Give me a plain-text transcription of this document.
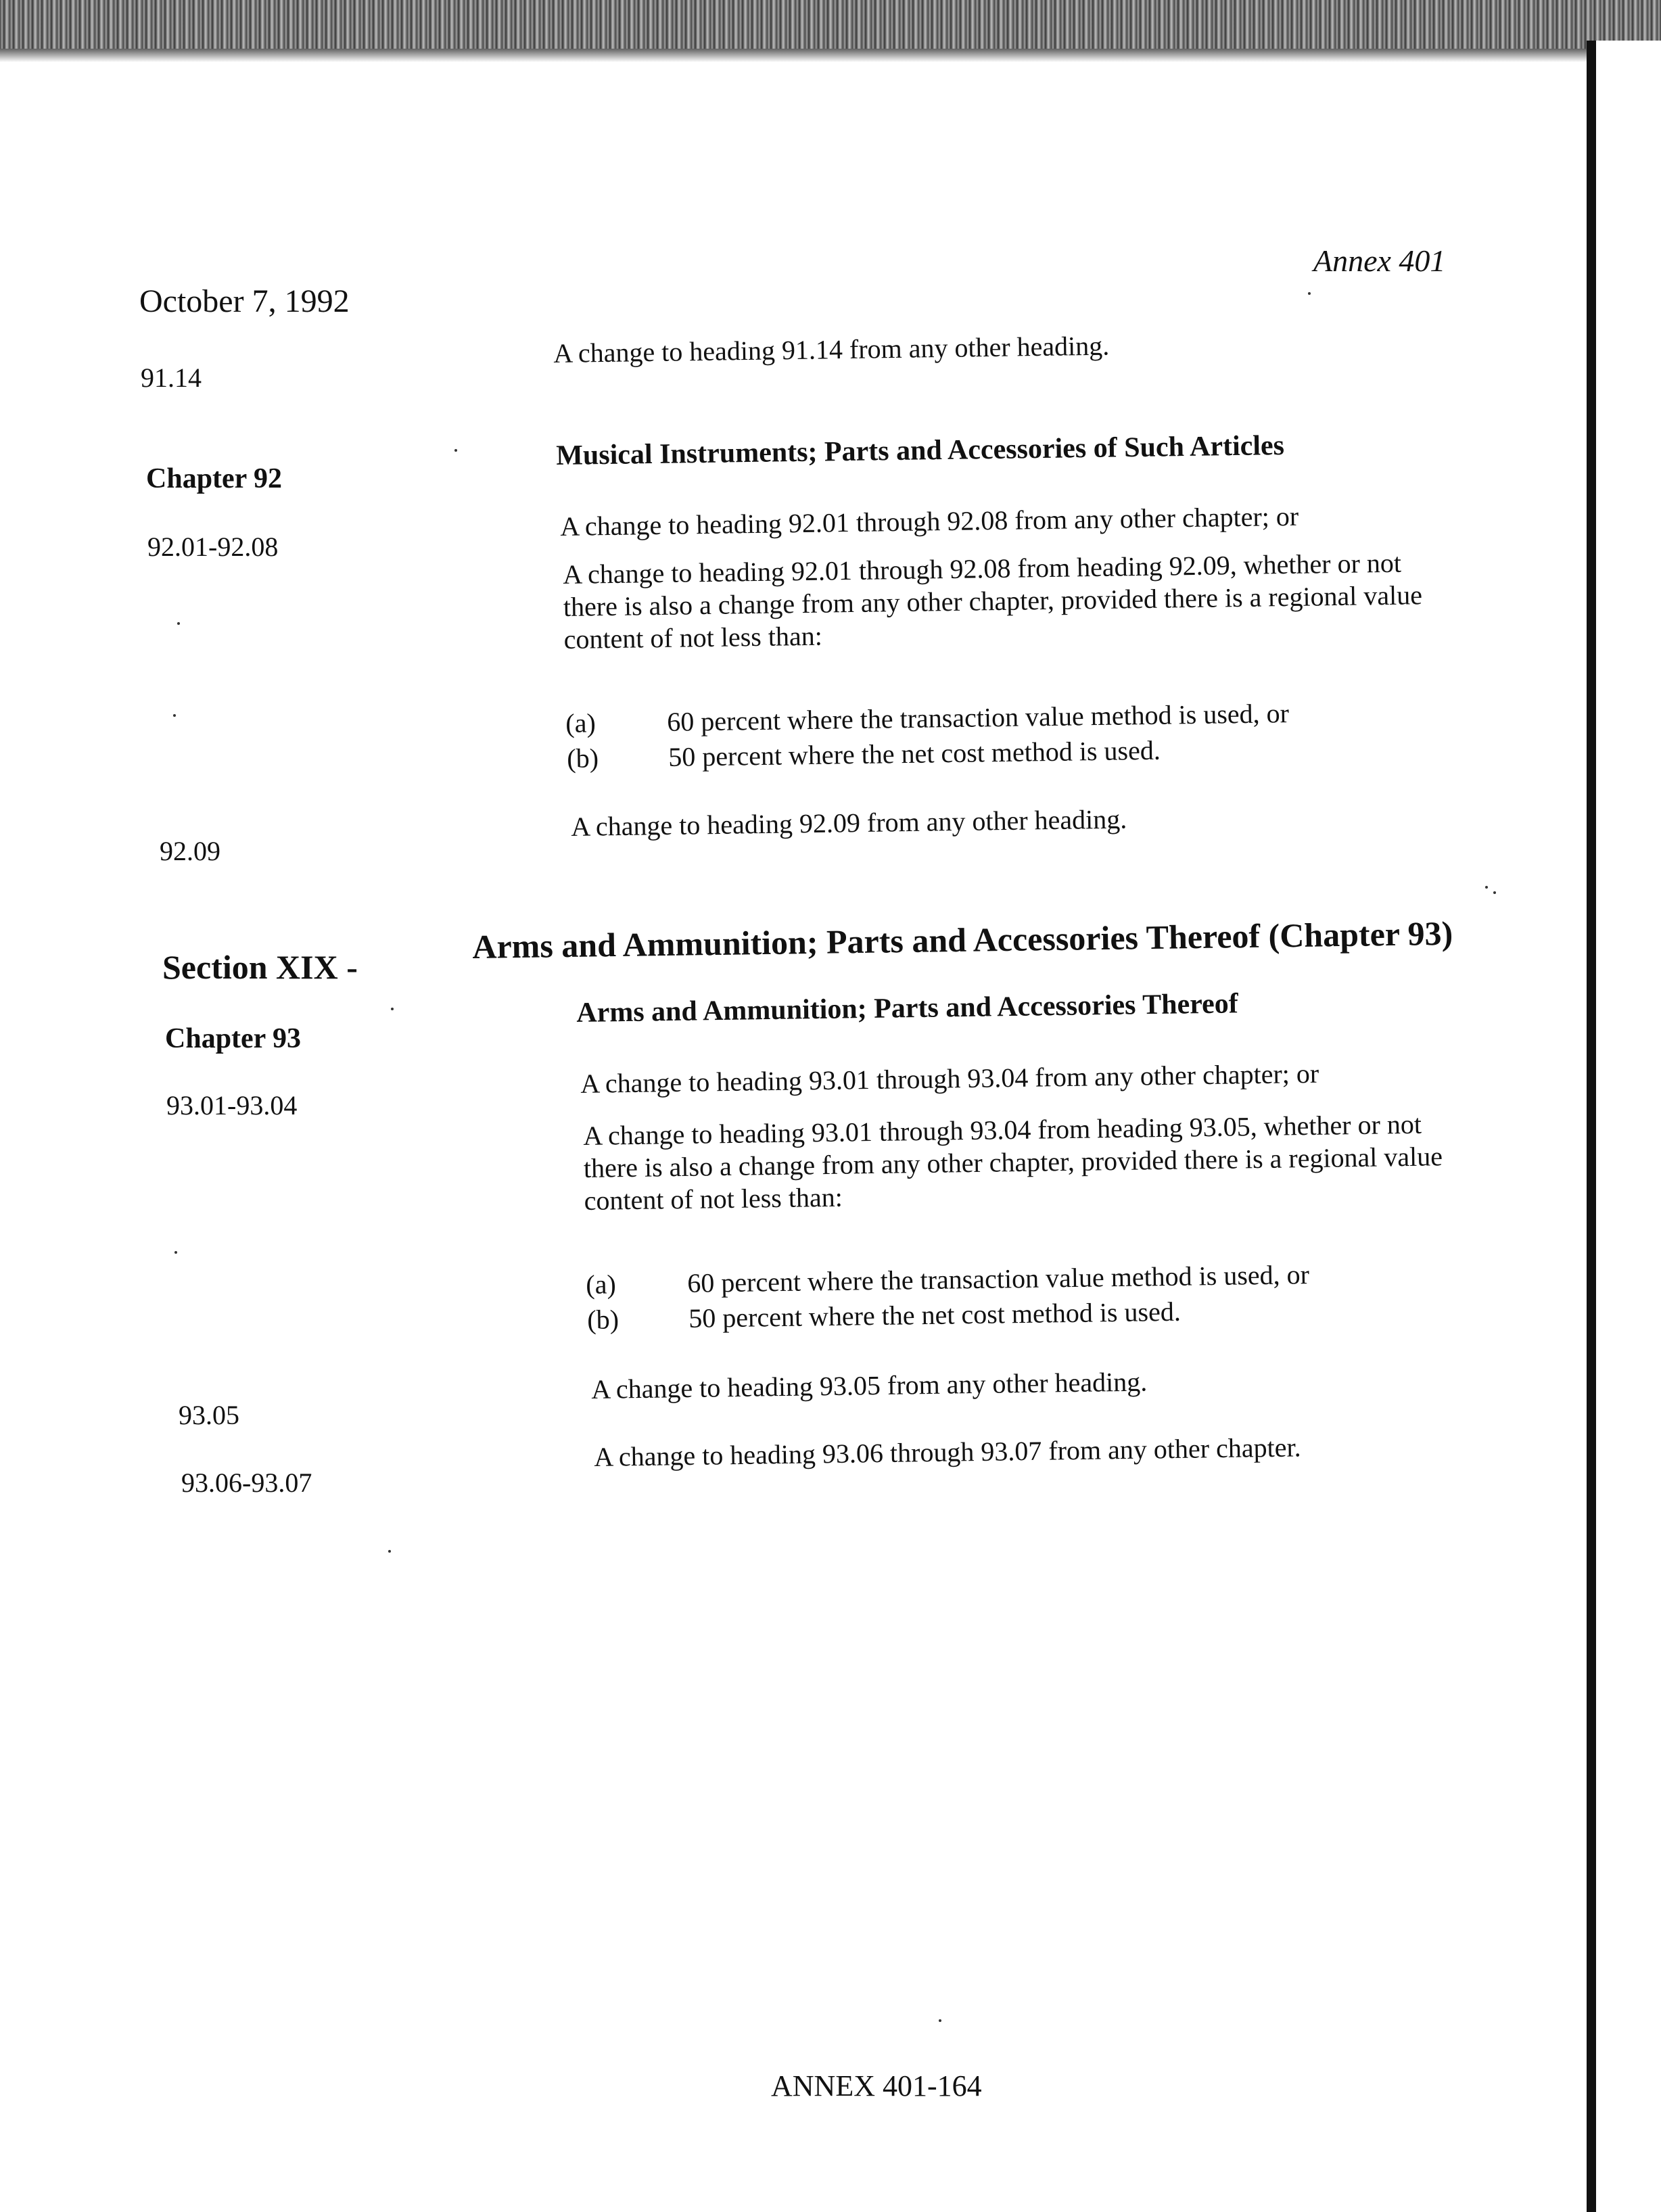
Annex 401
October 7, 1992
91.14
A change to heading 91.14 from any other heading.
Chapter 92
Musical Instruments; Parts and Accessories of Such Articles
92.01-92.08
A change to heading 92.01 through 92.08 from any other chapter; or
A change to heading 92.01 through 92.08 from heading 92.09, whether or not there is also a change from any other chapter, provided there is a regional value content of not less than:
(a)	60 percent where the transaction value method is used, or
(b)	50 percent where the net cost method is used.
92.09
A change to heading 92.09 from any other heading.
Section XIX -
Arms and Ammunition; Parts and Accessories Thereof (Chapter 93)
Chapter 93
Arms and Ammunition; Parts and Accessories Thereof
93.01-93.04
A change to heading 93.01 through 93.04 from any other chapter; or
A change to heading 93.01 through 93.04 from heading 93.05, whether or not there is also a change from any other chapter, provided there is a regional value content of not less than:
(a)	60 percent where the transaction value method is used, or
(b)	50 percent where the net cost method is used.
93.05
A change to heading 93.05 from any other heading.
93.06-93.07
A change to heading 93.06 through 93.07 from any other chapter.
ANNEX 401-164
